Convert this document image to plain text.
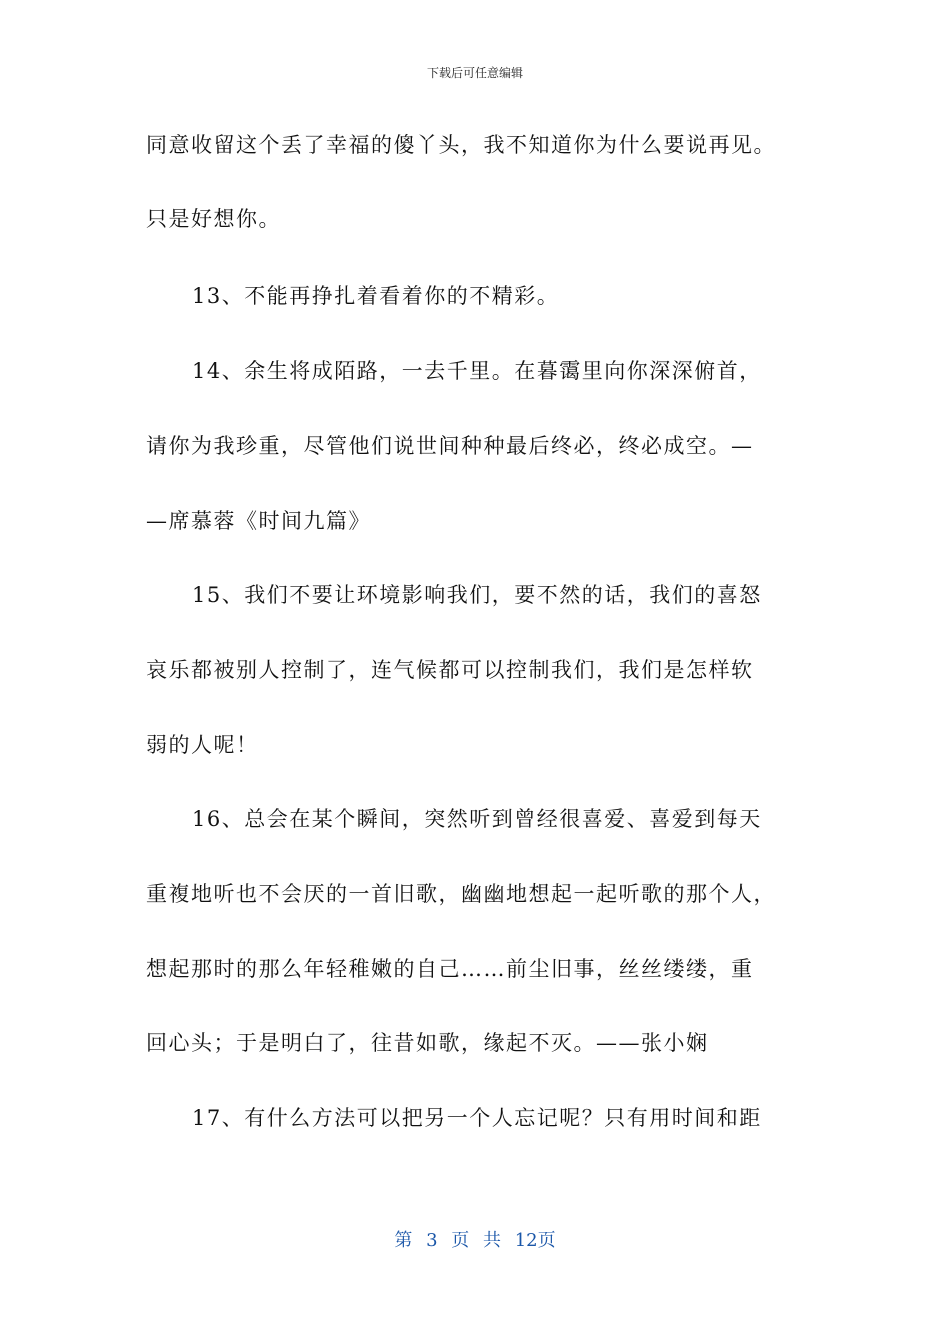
下载后可任意编辑
同意收留这个丢了幸福的傻丫头，我不知道你为什么要说再见。
只是好想你。
13、不能再挣扎着看着你的不精彩。
14、余生将成陌路，一去千里。在暮霭里向你深深俯首，
请你为我珍重，尽管他们说世间种种最后终必，终必成空。—
—席慕蓉《时间九篇》
15、我们不要让环境影响我们，要不然的话，我们的喜怒
哀乐都被别人控制了，连气候都可以控制我们，我们是怎样软
弱的人呢！
16、总会在某个瞬间，突然听到曾经很喜爱、喜爱到每天
重複地听也不会厌的一首旧歌，幽幽地想起一起听歌的那个人，
想起那时的那么年轻稚嫩的自己……前尘旧事，丝丝缕缕，重
回心头；于是明白了，往昔如歌，缘起不灭。——张小娴
17、有什么方法可以把另一个人忘记呢？只有用时间和距
第 3 页 共 12页
